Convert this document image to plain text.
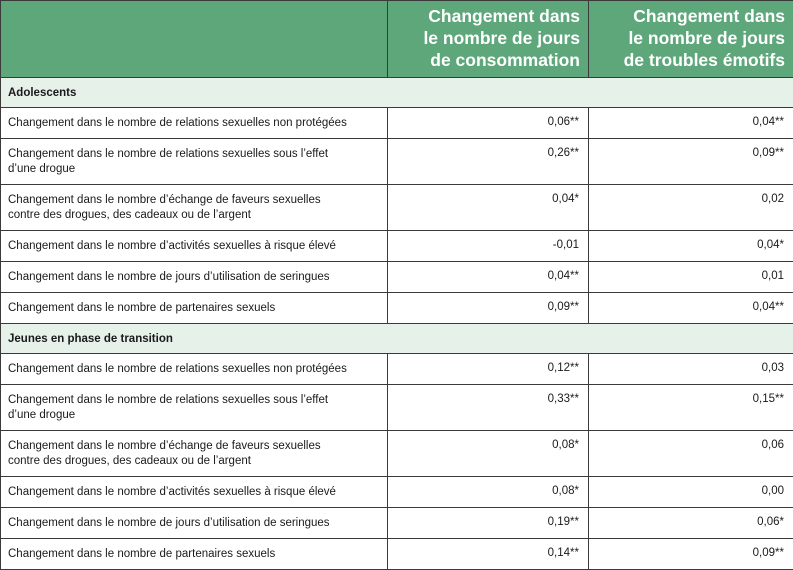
	Changement dans
le nombre de jours
de consommation	Changement dans
le nombre de jours
de troubles émotifs
Adolescents		
Changement dans le nombre de relations sexuelles non protégées	0,06**	0,04**
Changement dans le nombre de relations sexuelles sous l’effet
d’une drogue	0,26**	0,09**
Changement dans le nombre d’échange de faveurs sexuelles
contre des drogues, des cadeaux ou de l’argent	0,04*	0,02
Changement dans le nombre d’activités sexuelles à risque élevé	-0,01	0,04*
Changement dans le nombre de jours d’utilisation de seringues	0,04**	0,01
Changement dans le nombre de partenaires sexuels	0,09**	0,04**
Jeunes en phase de transition		
Changement dans le nombre de relations sexuelles non protégées	0,12**	0,03
Changement dans le nombre de relations sexuelles sous l’effet
d’une drogue	0,33**	0,15**
Changement dans le nombre d’échange de faveurs sexuelles
contre des drogues, des cadeaux ou de l’argent	0,08*	0,06
Changement dans le nombre d’activités sexuelles à risque élevé	0,08*	0,00
Changement dans le nombre de jours d’utilisation de seringues	0,19**	0,06*
Changement dans le nombre de partenaires sexuels	0,14**	0,09**
